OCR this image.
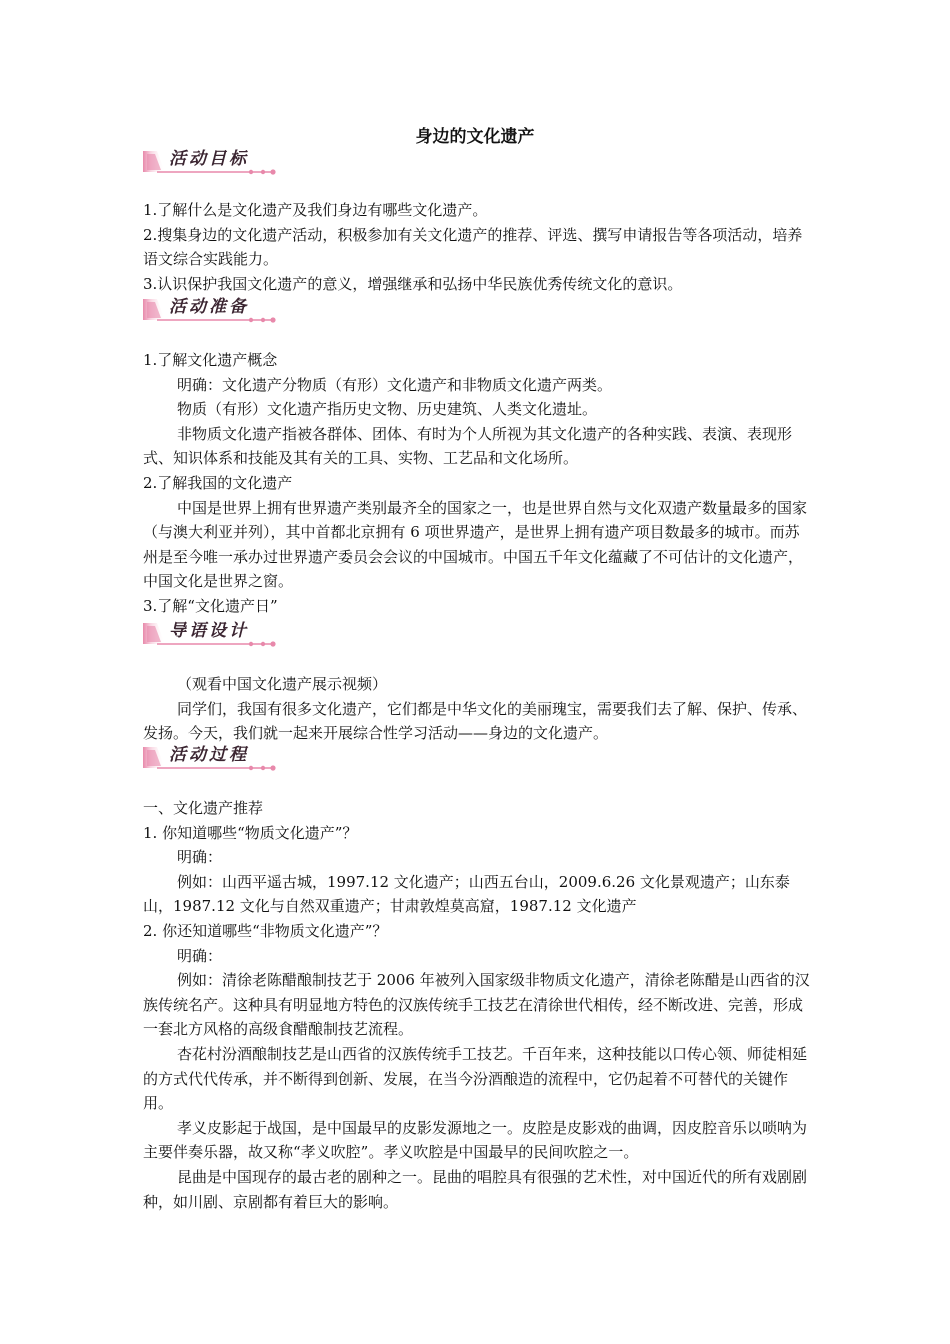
身边的文化遗产
活动目标

1.了解什么是文化遗产及我们身边有哪些文化遗产。

2.搜集身边的文化遗产活动，积极参加有关文化遗产的推荐、评选、撰写申请报告等各项活动，培养语文综合实践能力。

3.认识保护我国文化遗产的意义，增强继承和弘扬中华民族优秀传统文化的意识。

活动准备

1.了解文化遗产概念

明确：文化遗产分物质（有形）文化遗产和非物质文化遗产两类。

物质（有形）文化遗产指历史文物、历史建筑、人类文化遗址。

非物质文化遗产指被各群体、团体、有时为个人所视为其文化遗产的各种实践、表演、表现形式、知识体系和技能及其有关的工具、实物、工艺品和文化场所。

2.了解我国的文化遗产

中国是世界上拥有世界遗产类别最齐全的国家之一，也是世界自然与文化双遗产数量最多的国家（与澳大利亚并列），其中首都北京拥有 6 项世界遗产，是世界上拥有遗产项目数最多的城市。而苏州是至今唯一承办过世界遗产委员会会议的中国城市。中国五千年文化蕴藏了不可估计的文化遗产，中国文化是世界之窗。

3.了解“文化遗产日”

导语设计

（观看中国文化遗产展示视频）

同学们，我国有很多文化遗产，它们都是中华文化的美丽瑰宝，需要我们去了解、保护、传承、发扬。今天，我们就一起来开展综合性学习活动——身边的文化遗产。

活动过程

一、文化遗产推荐

1. 你知道哪些“物质文化遗产”？

明确：

例如：山西平遥古城，1997.12 文化遗产；山西五台山，2009.6.26 文化景观遗产；山东泰山，1987.12 文化与自然双重遗产；甘肃敦煌莫高窟，1987.12 文化遗产

2. 你还知道哪些“非物质文化遗产”？

明确：

例如：清徐老陈醋酿制技艺于 2006 年被列入国家级非物质文化遗产，清徐老陈醋是山西省的汉族传统名产。这种具有明显地方特色的汉族传统手工技艺在清徐世代相传，经不断改进、完善，形成一套北方风格的高级食醋酿制技艺流程。

杏花村汾酒酿制技艺是山西省的汉族传统手工技艺。千百年来，这种技能以口传心领、师徒相延的方式代代传承，并不断得到创新、发展，在当今汾酒酿造的流程中，它仍起着不可替代的关键作用。

孝义皮影起于战国，是中国最早的皮影发源地之一。皮腔是皮影戏的曲调，因皮腔音乐以唢呐为主要伴奏乐器，故又称“孝义吹腔”。孝义吹腔是中国最早的民间吹腔之一。

昆曲是中国现存的最古老的剧种之一。昆曲的唱腔具有很强的艺术性，对中国近代的所有戏剧剧种，如川剧、京剧都有着巨大的影响。
